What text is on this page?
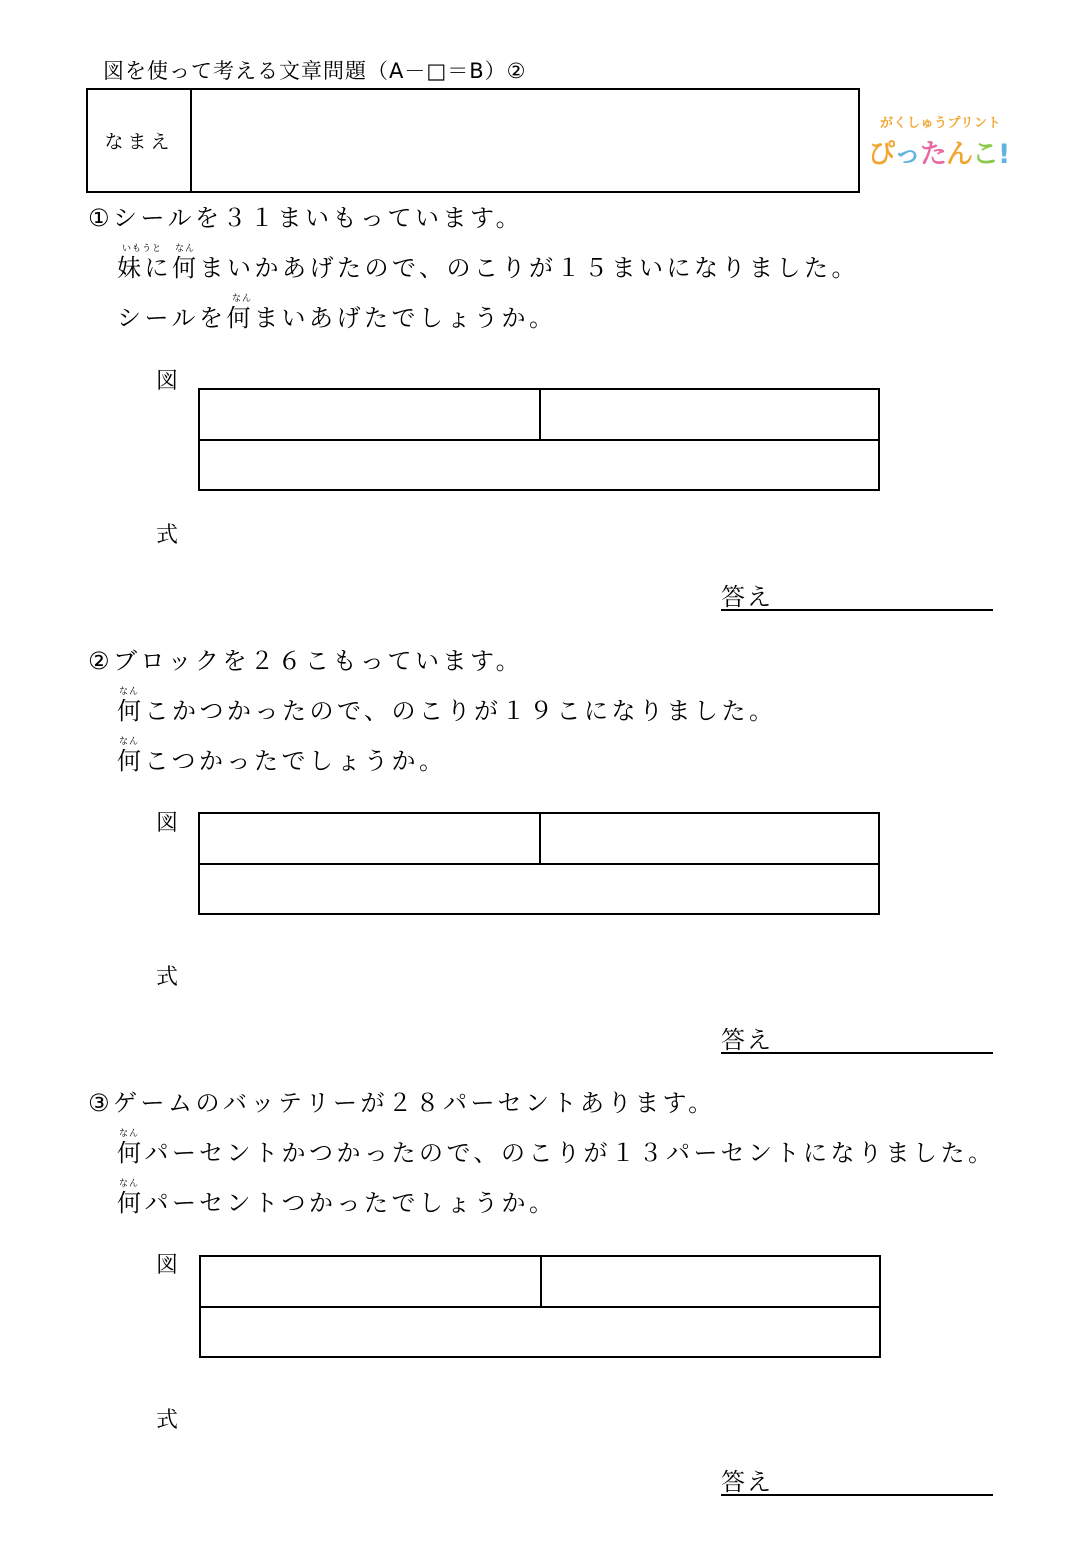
図を使って考える文章問題（A－□＝B）②
なまえ
がくしゅうプリント
ぴったんこ!
①シールを３１まいもっています。
いもうと なん
妹に何まいかあげたので、のこりが１５まいになりました。
なん
シールを何まいあげたでしょうか。
図
式
答え
②ブロックを２６こもっています。
なん
何こかつかったので、のこりが１９こになりました。
なん
何こつかったでしょうか。
図
式
答え
③ゲームのバッテリーが２８パーセントあります。
なん
何パーセントかつかったので、のこりが１３パーセントになりました。
なん
何パーセントつかったでしょうか。
図
式
答え
